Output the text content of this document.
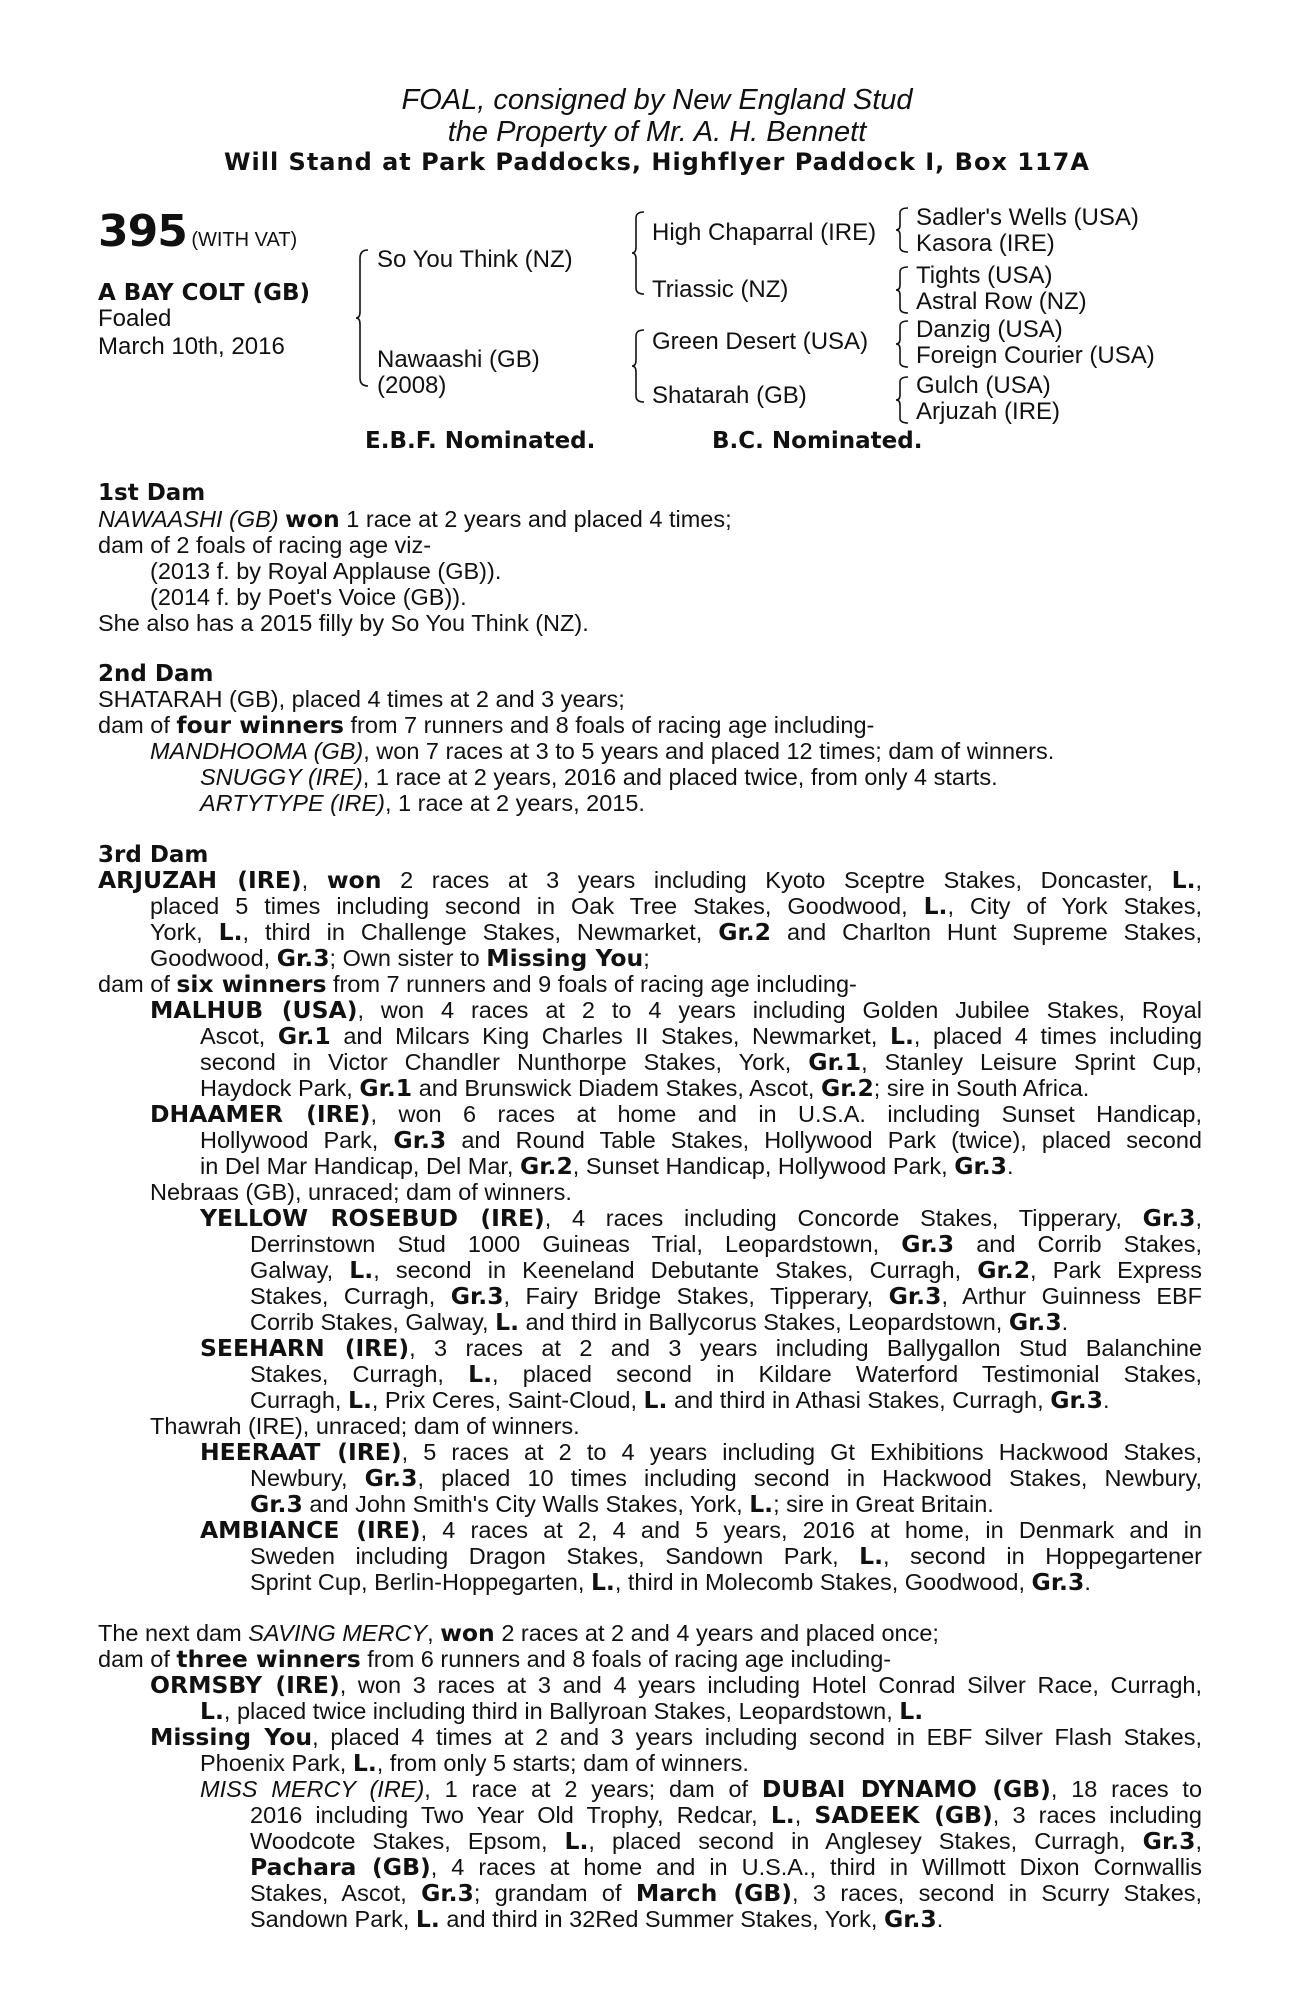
FOAL, consigned by New England Stud
the Property of Mr. A. H. Bennett
Will Stand at Park Paddocks, Highflyer Paddock I, Box 117A
395 (WITH VAT)
A BAY COLT (GB)
Foaled
March 10th, 2016
So You Think (NZ)
Nawaashi (GB)
(2008)
High Chaparral (IRE)
Triassic (NZ)
Green Desert (USA)
Shatarah (GB)
Sadler's Wells (USA)
Kasora (IRE)
Tights (USA)
Astral Row (NZ)
Danzig (USA)
Foreign Courier (USA)
Gulch (USA)
Arjuzah (IRE)
E.B.F. Nominated.	B.C. Nominated.
1st Dam
NAWAASHI (GB) won 1 race at 2 years and placed 4 times;
dam of 2 foals of racing age viz-
(2013 f. by Royal Applause (GB)).
(2014 f. by Poet's Voice (GB)).
She also has a 2015 filly by So You Think (NZ).
2nd Dam
SHATARAH (GB), placed 4 times at 2 and 3 years;
dam of four winners from 7 runners and 8 foals of racing age including-
MANDHOOMA (GB), won 7 races at 3 to 5 years and placed 12 times; dam of winners.
SNUGGY (IRE), 1 race at 2 years, 2016 and placed twice, from only 4 starts.
ARTYTYPE (IRE), 1 race at 2 years, 2015.
3rd Dam
ARJUZAH (IRE), won 2 races at 3 years including Kyoto Sceptre Stakes, Doncaster, L.,
placed 5 times including second in Oak Tree Stakes, Goodwood, L., City of York Stakes,
York, L., third in Challenge Stakes, Newmarket, Gr.2 and Charlton Hunt Supreme Stakes,
Goodwood, Gr.3; Own sister to Missing You;
dam of six winners from 7 runners and 9 foals of racing age including-
MALHUB (USA), won 4 races at 2 to 4 years including Golden Jubilee Stakes, Royal
Ascot, Gr.1 and Milcars King Charles II Stakes, Newmarket, L., placed 4 times including
second in Victor Chandler Nunthorpe Stakes, York, Gr.1, Stanley Leisure Sprint Cup,
Haydock Park, Gr.1 and Brunswick Diadem Stakes, Ascot, Gr.2; sire in South Africa.
DHAAMER (IRE), won 6 races at home and in U.S.A. including Sunset Handicap,
Hollywood Park, Gr.3 and Round Table Stakes, Hollywood Park (twice), placed second
in Del Mar Handicap, Del Mar, Gr.2, Sunset Handicap, Hollywood Park, Gr.3.
Nebraas (GB), unraced; dam of winners.
YELLOW ROSEBUD (IRE), 4 races including Concorde Stakes, Tipperary, Gr.3,
Derrinstown Stud 1000 Guineas Trial, Leopardstown, Gr.3 and Corrib Stakes,
Galway, L., second in Keeneland Debutante Stakes, Curragh, Gr.2, Park Express
Stakes, Curragh, Gr.3, Fairy Bridge Stakes, Tipperary, Gr.3, Arthur Guinness EBF
Corrib Stakes, Galway, L. and third in Ballycorus Stakes, Leopardstown, Gr.3.
SEEHARN (IRE), 3 races at 2 and 3 years including Ballygallon Stud Balanchine
Stakes, Curragh, L., placed second in Kildare Waterford Testimonial Stakes,
Curragh, L., Prix Ceres, Saint-Cloud, L. and third in Athasi Stakes, Curragh, Gr.3.
Thawrah (IRE), unraced; dam of winners.
HEERAAT (IRE), 5 races at 2 to 4 years including Gt Exhibitions Hackwood Stakes,
Newbury, Gr.3, placed 10 times including second in Hackwood Stakes, Newbury,
Gr.3 and John Smith's City Walls Stakes, York, L.; sire in Great Britain.
AMBIANCE (IRE), 4 races at 2, 4 and 5 years, 2016 at home, in Denmark and in
Sweden including Dragon Stakes, Sandown Park, L., second in Hoppegartener
Sprint Cup, Berlin-Hoppegarten, L., third in Molecomb Stakes, Goodwood, Gr.3.
The next dam SAVING MERCY, won 2 races at 2 and 4 years and placed once;
dam of three winners from 6 runners and 8 foals of racing age including-
ORMSBY (IRE), won 3 races at 3 and 4 years including Hotel Conrad Silver Race, Curragh,
L., placed twice including third in Ballyroan Stakes, Leopardstown, L.
Missing You, placed 4 times at 2 and 3 years including second in EBF Silver Flash Stakes,
Phoenix Park, L., from only 5 starts; dam of winners.
MISS MERCY (IRE), 1 race at 2 years; dam of DUBAI DYNAMO (GB), 18 races to
2016 including Two Year Old Trophy, Redcar, L., SADEEK (GB), 3 races including
Woodcote Stakes, Epsom, L., placed second in Anglesey Stakes, Curragh, Gr.3,
Pachara (GB), 4 races at home and in U.S.A., third in Willmott Dixon Cornwallis
Stakes, Ascot, Gr.3; grandam of March (GB), 3 races, second in Scurry Stakes,
Sandown Park, L. and third in 32Red Summer Stakes, York, Gr.3.
